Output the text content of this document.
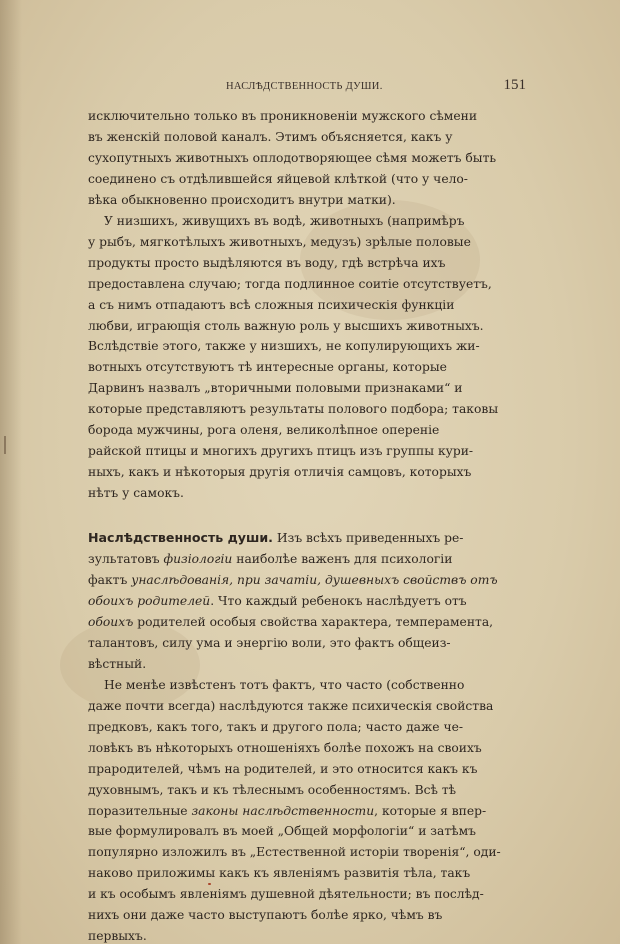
НАСЛѢДСТВЕННОСТЬ ДУШИ.	151
исключительно только въ проникновеніи мужского сѣмени
въ женскій половой каналъ. Этимъ объясняется, какъ у
сухопутныхъ животныхъ оплодотворяющее сѣмя можетъ быть
соединено съ отдѣлившейся яйцевой клѣткой (что у чело-
вѣка обыкновенно происходитъ внутри матки).
У низшихъ, живущихъ въ водѣ, животныхъ (напримѣръ
у рыбъ, мягкотѣлыхъ животныхъ, медузъ) зрѣлые половые
продукты просто выдѣляются въ воду, гдѣ встрѣча ихъ
предоставлена случаю; тогда подлинное соитіе отсутствуетъ,
а съ нимъ отпадаютъ всѣ сложныя психическія функціи
любви, играющія столь важную роль у высшихъ животныхъ.
Вслѣдствіе этого, также у низшихъ, не копулирующихъ жи-
вотныхъ отсутствуютъ тѣ интересные органы, которые
Дарвинъ назвалъ „вторичными половыми признаками“ и
которые представляютъ результаты полового подбора; таковы
борода мужчины, рога оленя, великолѣпное опереніе
райской птицы и многихъ другихъ птицъ изъ группы кури-
ныхъ, какъ и нѣкоторыя другія отличія самцовъ, которыхъ
нѣтъ у самокъ.
Наслѣдственность души. Изъ всѣхъ приведенныхъ ре-
зультатовъ физіологіи наиболѣе важенъ для психологіи
фактъ унаслѣдованія, при зачатіи, душевныхъ свойствъ отъ
обоихъ родителей. Что каждый ребенокъ наслѣдуетъ отъ
обоихъ родителей особыя свойства характера, темперамента,
талантовъ, силу ума и энергію воли, это фактъ общеиз-
вѣстный.
Не менѣе извѣстенъ тотъ фактъ, что часто (собственно
даже почти всегда) наслѣдуются также психическія свойства
предковъ, какъ того, такъ и другого пола; часто даже че-
ловѣкъ въ нѣкоторыхъ отношеніяхъ болѣе похожъ на своихъ
прародителей, чѣмъ на родителей, и это относится какъ къ
духовнымъ, такъ и къ тѣлеснымъ особенностямъ. Всѣ тѣ
поразительные законы наслѣдственности, которые я впер-
вые формулировалъ въ моей „Общей морфологіи“ и затѣмъ
популярно изложилъ въ „Естественной исторіи творенія“, оди-
наково приложимы какъ къ явленіямъ развитія тѣла, такъ
и къ особымъ явленіямъ душевной дѣятельности; въ послѣд-
нихъ они даже часто выступаютъ болѣе ярко, чѣмъ въ
первыхъ.
